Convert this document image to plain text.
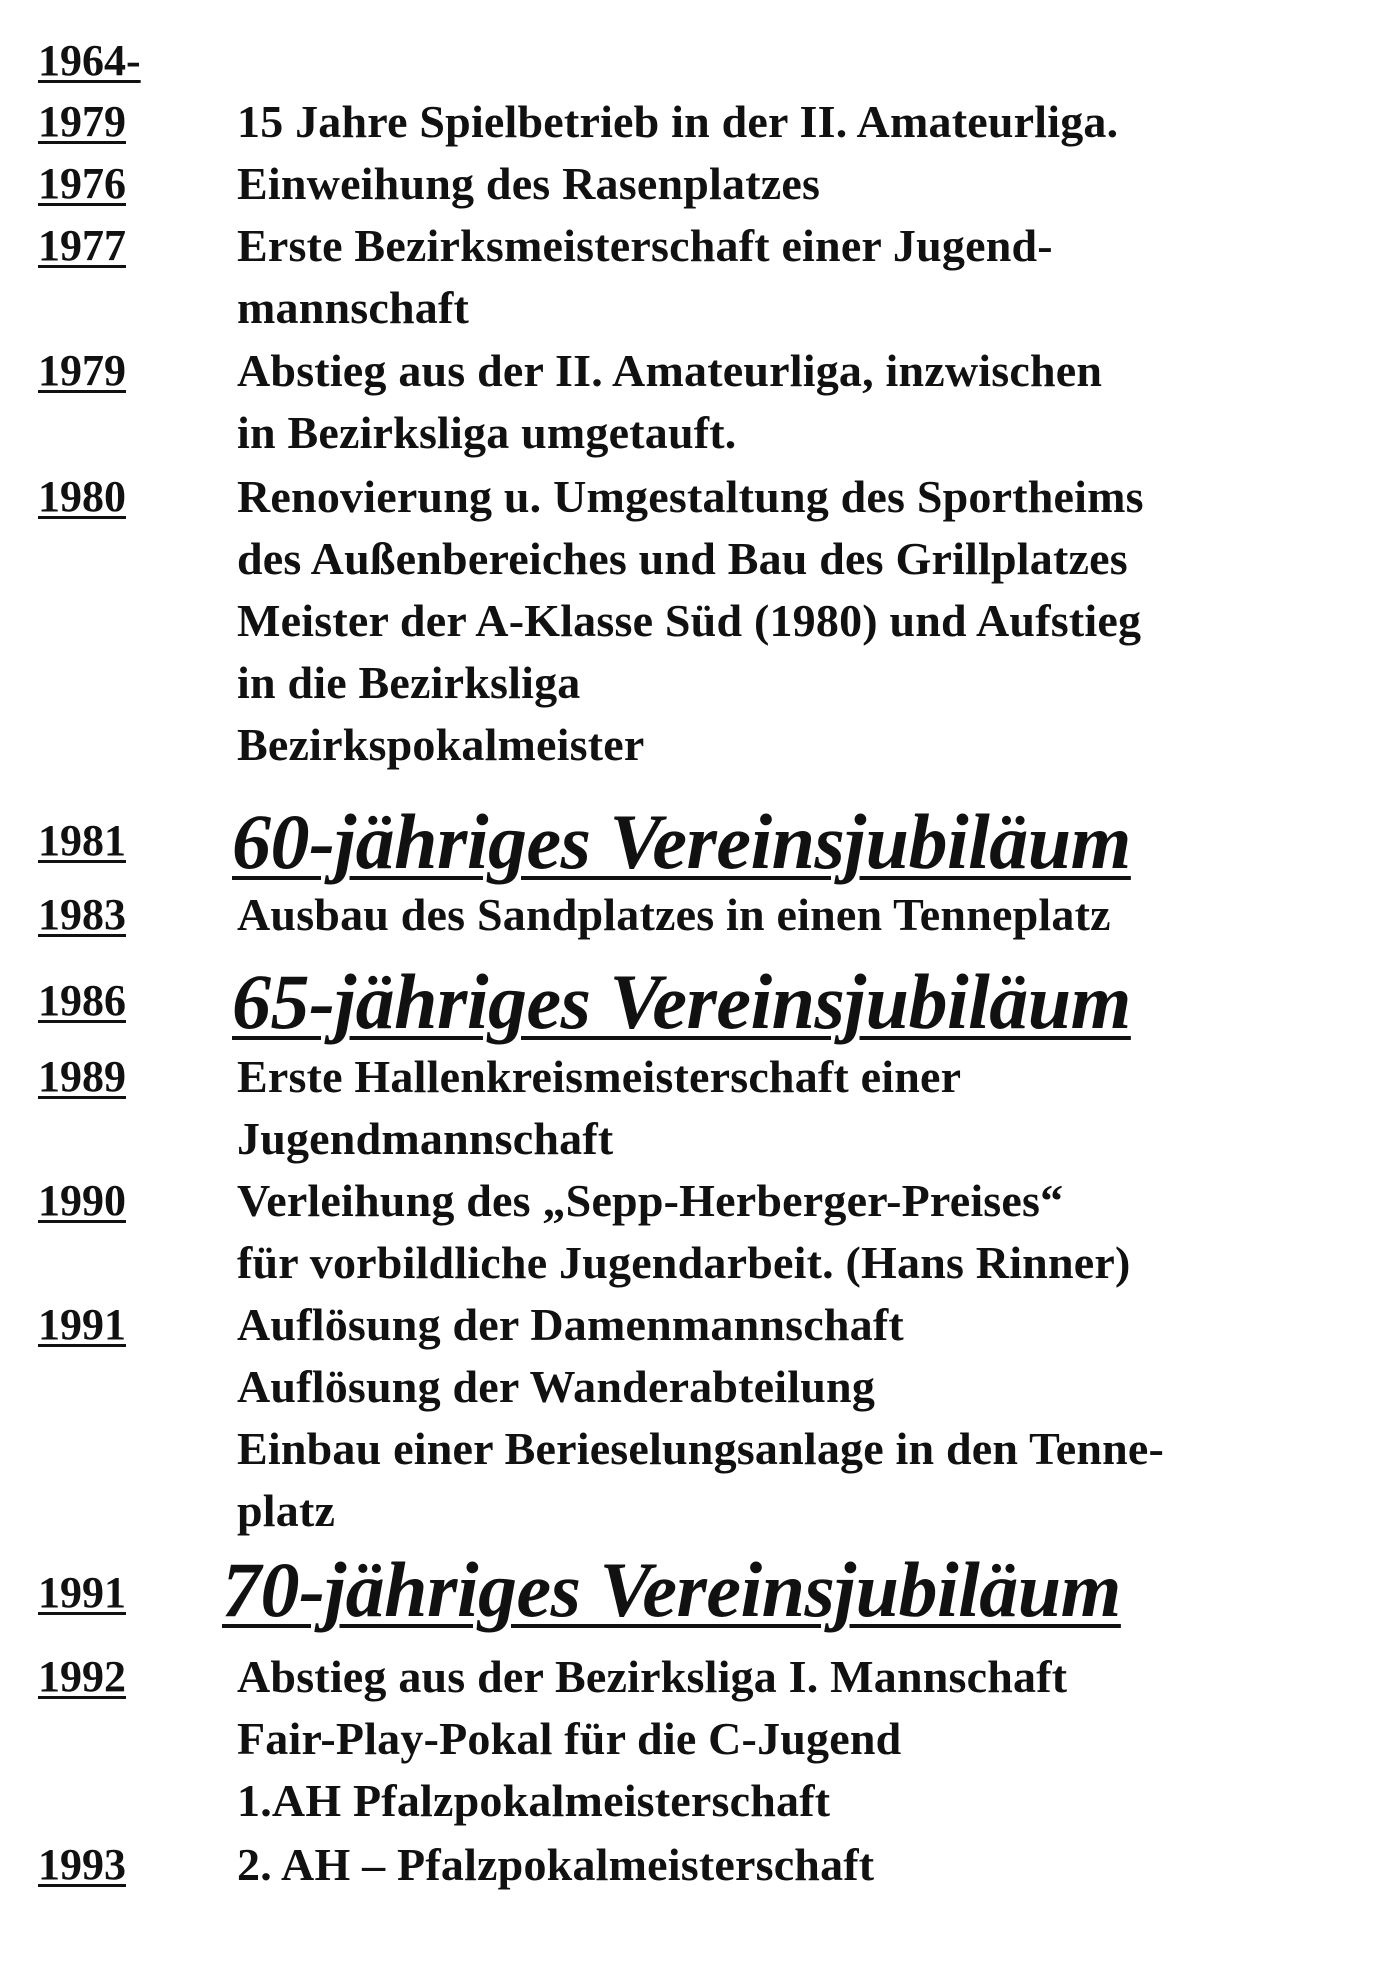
1964-
1979	15 Jahre Spielbetrieb in der II. Amateurliga.
1976	Einweihung des Rasenplatzes
1977	Erste Bezirksmeisterschaft einer Jugend-
mannschaft
1979	Abstieg aus der II. Amateurliga, inzwischen
in Bezirksliga umgetauft.
1980	Renovierung u. Umgestaltung des Sportheims
des Außenbereiches und Bau des Grillplatzes
Meister der A-Klasse Süd (1980) und Aufstieg
in die Bezirksliga
Bezirkspokalmeister
1981	60-jähriges Vereinsjubiläum
1983	Ausbau des Sandplatzes in einen Tenneplatz
1986	65-jähriges Vereinsjubiläum
1989	Erste Hallenkreismeisterschaft einer
Jugendmannschaft
1990	Verleihung des „Sepp-Herberger-Preises“
für vorbildliche Jugendarbeit. (Hans Rinner)
1991	Auflösung der Damenmannschaft
Auflösung der Wanderabteilung
Einbau einer Berieselungsanlage in den Tenne-
platz
1991	70-jähriges Vereinsjubiläum
1992	Abstieg aus der Bezirksliga I. Mannschaft
Fair-Play-Pokal für die C-Jugend
1.AH Pfalzpokalmeisterschaft
1993	2. AH – Pfalzpokalmeisterschaft
